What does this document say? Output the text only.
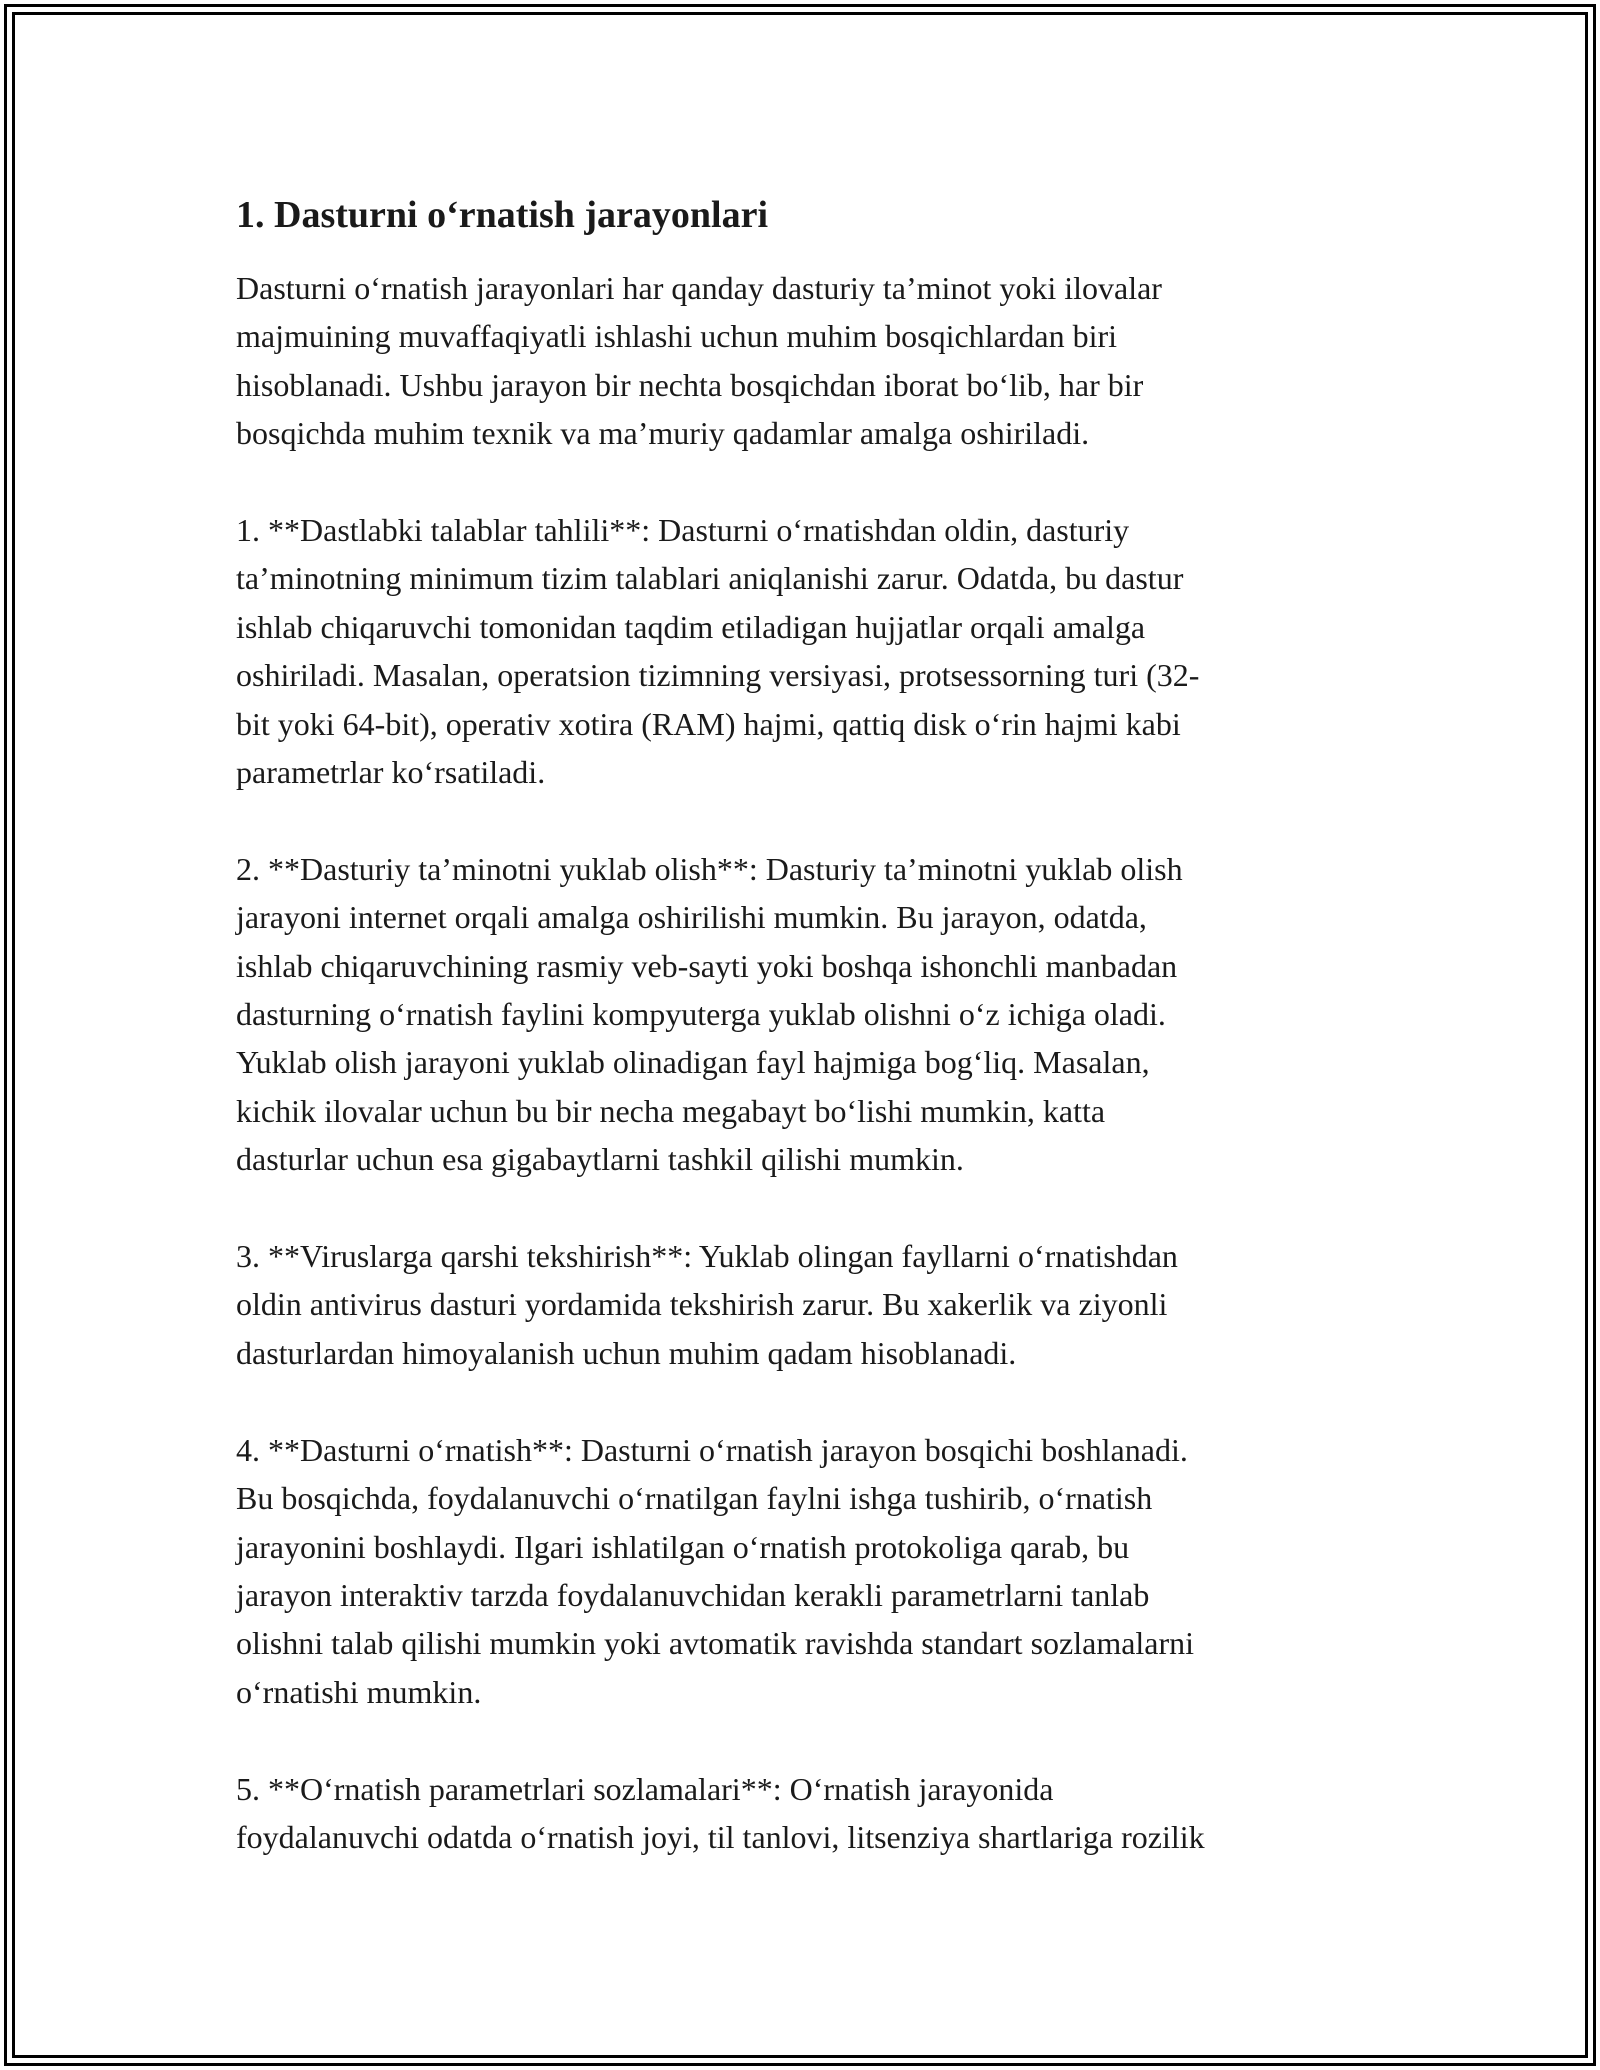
1. Dasturni o‘rnatish jarayonlari

Dasturni o‘rnatish jarayonlari har qanday dasturiy ta’minot yoki ilovalar
majmuining muvaffaqiyatli ishlashi uchun muhim bosqichlardan biri
hisoblanadi. Ushbu jarayon bir nechta bosqichdan iborat bo‘lib, har bir
bosqichda muhim texnik va ma’muriy qadamlar amalga oshiriladi.

1. **Dastlabki talablar tahlili**: Dasturni o‘rnatishdan oldin, dasturiy
ta’minotning minimum tizim talablari aniqlanishi zarur. Odatda, bu dastur
ishlab chiqaruvchi tomonidan taqdim etiladigan hujjatlar orqali amalga
oshiriladi. Masalan, operatsion tizimning versiyasi, protsessorning turi (32-
bit yoki 64-bit), operativ xotira (RAM) hajmi, qattiq disk o‘rin hajmi kabi
parametrlar ko‘rsatiladi.

2. **Dasturiy ta’minotni yuklab olish**: Dasturiy ta’minotni yuklab olish
jarayoni internet orqali amalga oshirilishi mumkin. Bu jarayon, odatda,
ishlab chiqaruvchining rasmiy veb-sayti yoki boshqa ishonchli manbadan
dasturning o‘rnatish faylini kompyuterga yuklab olishni o‘z ichiga oladi.
Yuklab olish jarayoni yuklab olinadigan fayl hajmiga bog‘liq. Masalan,
kichik ilovalar uchun bu bir necha megabayt bo‘lishi mumkin, katta
dasturlar uchun esa gigabaytlarni tashkil qilishi mumkin.

3. **Viruslarga qarshi tekshirish**: Yuklab olingan fayllarni o‘rnatishdan
oldin antivirus dasturi yordamida tekshirish zarur. Bu xakerlik va ziyonli
dasturlardan himoyalanish uchun muhim qadam hisoblanadi.

4. **Dasturni o‘rnatish**: Dasturni o‘rnatish jarayon bosqichi boshlanadi.
Bu bosqichda, foydalanuvchi o‘rnatilgan faylni ishga tushirib, o‘rnatish
jarayonini boshlaydi. Ilgari ishlatilgan o‘rnatish protokoliga qarab, bu
jarayon interaktiv tarzda foydalanuvchidan kerakli parametrlarni tanlab
olishni talab qilishi mumkin yoki avtomatik ravishda standart sozlamalarni
o‘rnatishi mumkin.

5. **O‘rnatish parametrlari sozlamalari**: O‘rnatish jarayonida
foydalanuvchi odatda o‘rnatish joyi, til tanlovi, litsenziya shartlariga rozilik
